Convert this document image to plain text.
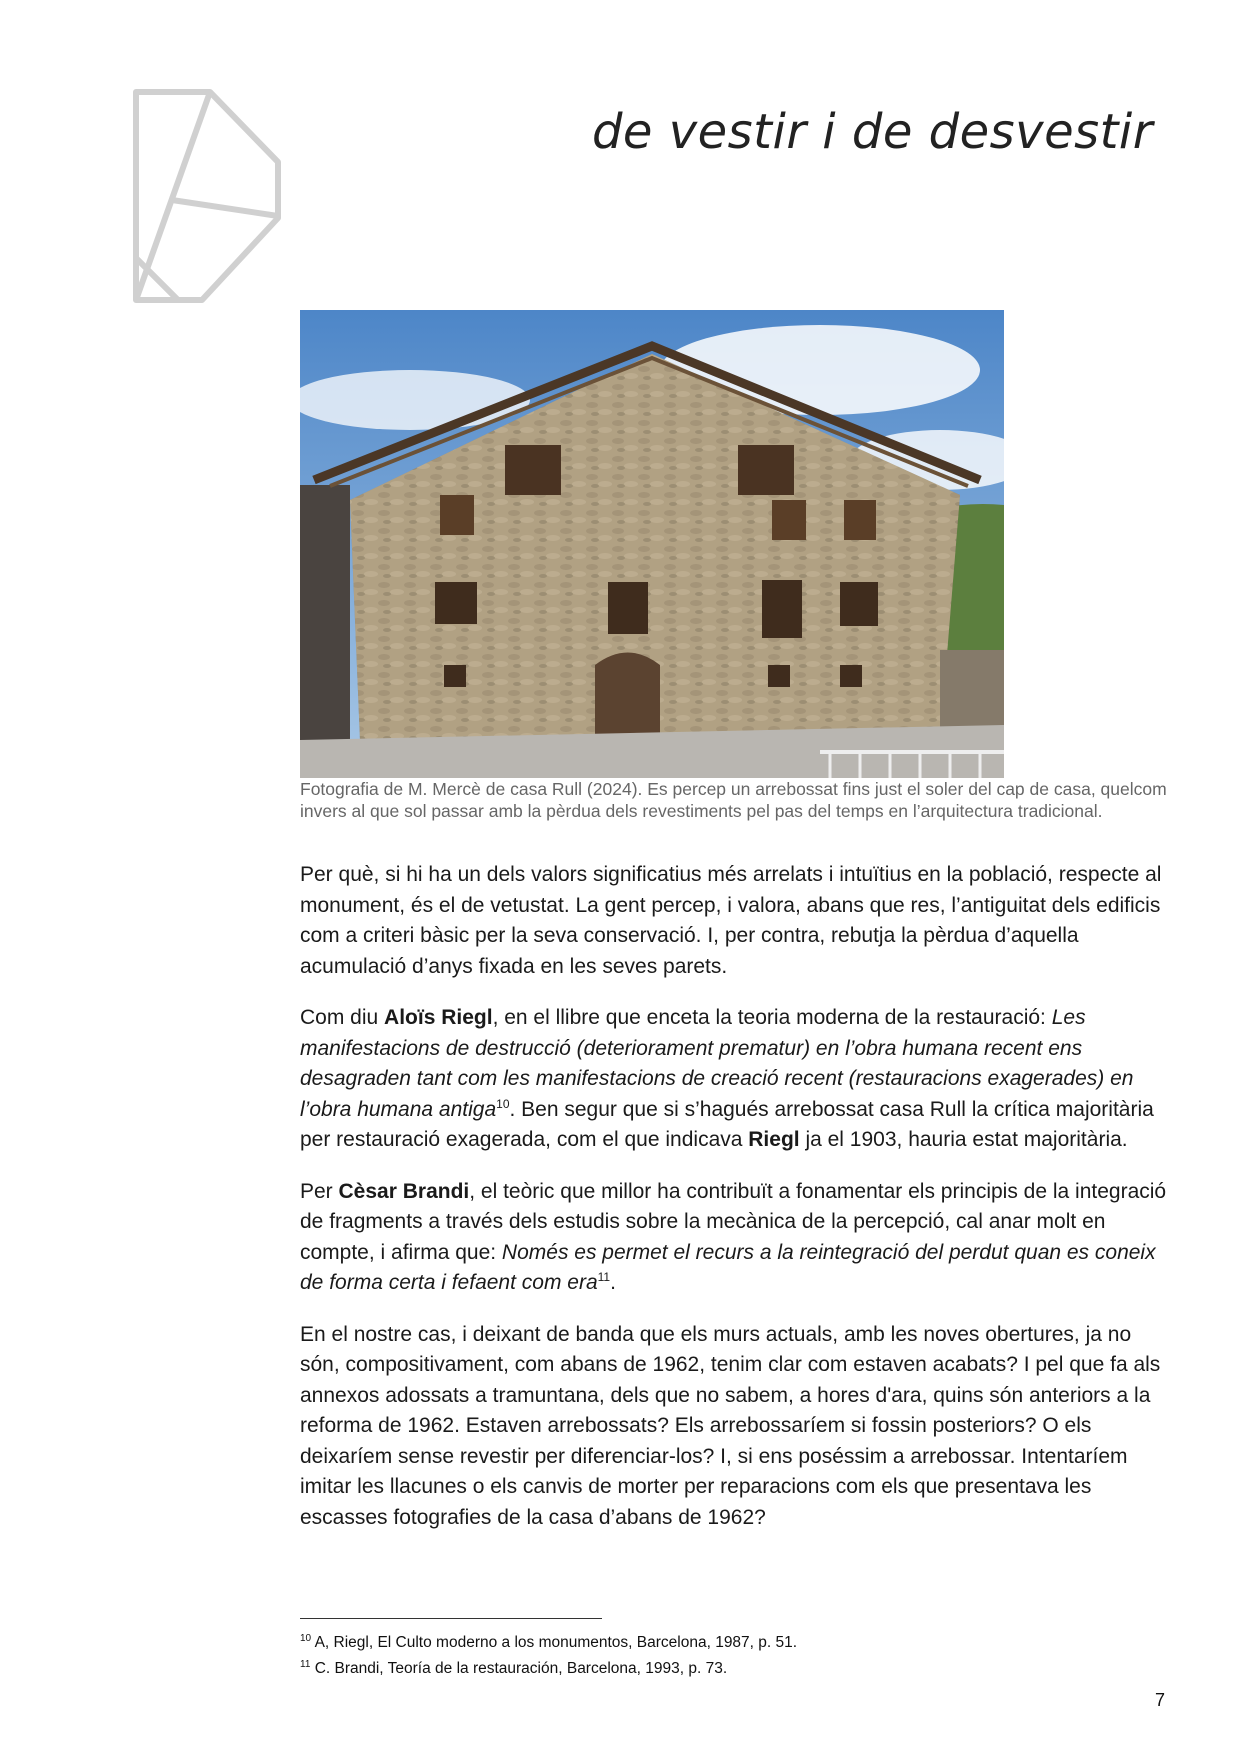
de vestir i de desvestir

Fotografia de M. Mercè de casa Rull (2024). Es percep un arrebossat fins just el soler del cap de casa, quelcom invers al que sol passar amb la pèrdua dels revestiments pel pas del temps en l’arquitectura tradicional.

Per què, si hi ha un dels valors significatius més arrelats i intuïtius en la població, respecte al monument, és el de vetustat. La gent percep, i valora, abans que res, l’antiguitat dels edificis com a criteri bàsic per la seva conservació. I, per contra, rebutja la pèrdua d’aquella acumulació d’anys fixada en les seves parets.

Com diu Aloïs Riegl, en el llibre que enceta la teoria moderna de la restauració: Les manifestacions de destrucció (deteriorament prematur) en l’obra humana recent ens desagraden tant com les manifestacions de creació recent (restauracions exagerades) en l’obra humana antiga$^{10}$. Ben segur que si s’hagués arrebossat casa Rull la crítica majoritària per restauració exagerada, com el que indicava Riegl ja el 1903, hauria estat majoritària.

Per Cèsar Brandi, el teòric que millor ha contribuït a fonamentar els principis de la integració de fragments a través dels estudis sobre la mecànica de la percepció, cal anar molt en compte, i afirma que: Només es permet el recurs a la reintegració del perdut quan es coneix de forma certa i fefaent com era$^{11}$.

En el nostre cas, i deixant de banda que els murs actuals, amb les noves obertures, ja no són, compositivament, com abans de 1962, tenim clar com estaven acabats? I pel que fa als annexos adossats a tramuntana, dels que no sabem, a hores d'ara, quins són anteriors a la reforma de 1962. Estaven arrebossats? Els arrebossaríem si fossin posteriors? O els deixaríem sense revestir per diferenciar-los? I, si ens poséssim a arrebossar. Intentaríem imitar les llacunes o els canvis de morter per reparacions com els que presentava les escasses fotografies de la casa d’abans de 1962?

$^{10}$ A, Riegl, El Culto moderno a los monumentos, Barcelona, 1987, p. 51.
$^{11}$ C. Brandi, Teoría de la restauración, Barcelona, 1993, p. 73.
7
